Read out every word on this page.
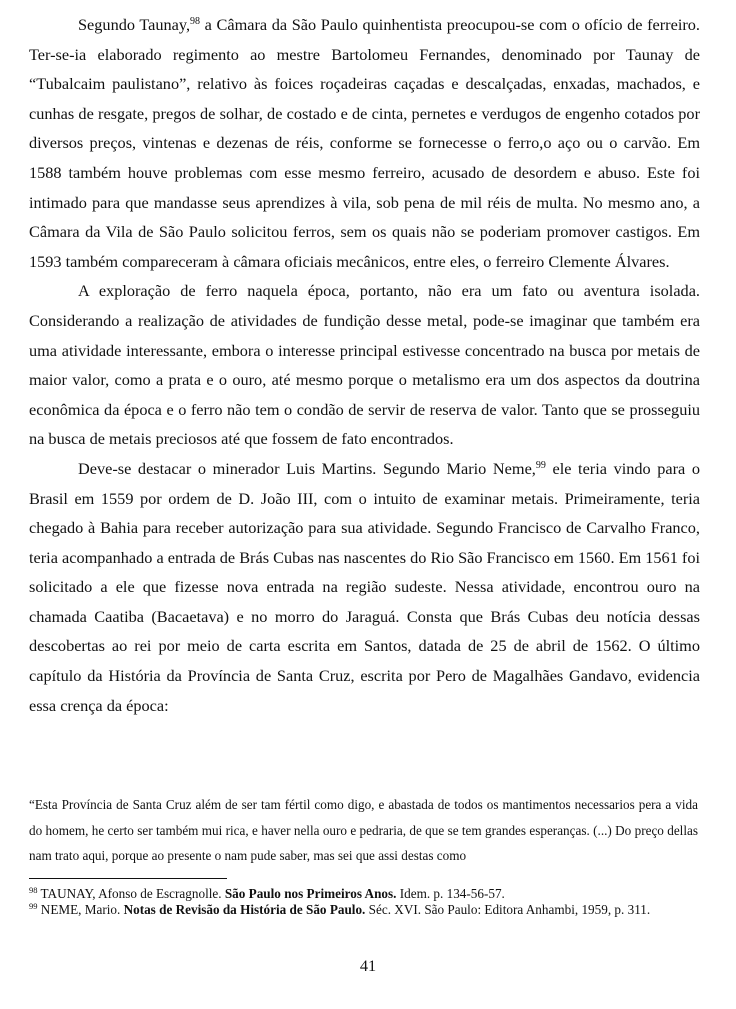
Segundo Taunay,$^{98}$ a Câmara da São Paulo quinhentista preocupou-se com o ofício de ferreiro. Ter-se-ia elaborado regimento ao mestre Bartolomeu Fernandes, denominado por Taunay de “Tubalcaim paulistano”, relativo às foices roçadeiras caçadas e descalçadas, enxadas, machados, e cunhas de resgate, pregos de solhar, de costado e de cinta, pernetes e verdugos de engenho cotados por diversos preços, vintenas e dezenas de réis, conforme se fornecesse o ferro,o aço ou o carvão. Em 1588 também houve problemas com esse mesmo ferreiro, acusado de desordem e abuso. Este foi intimado para que mandasse seus aprendizes à vila, sob pena de mil réis de multa. No mesmo ano, a Câmara da Vila de São Paulo solicitou ferros, sem os quais não se poderiam promover castigos. Em 1593 também compareceram à câmara oficiais mecânicos, entre eles, o ferreiro Clemente Álvares.

A exploração de ferro naquela época, portanto, não era um fato ou aventura isolada. Considerando a realização de atividades de fundição desse metal, pode-se imaginar que também era uma atividade interessante, embora o interesse principal estivesse concentrado na busca por metais de maior valor, como a prata e o ouro, até mesmo porque o metalismo era um dos aspectos da doutrina econômica da época e o ferro não tem o condão de servir de reserva de valor. Tanto que se prosseguiu na busca de metais preciosos até que fossem de fato encontrados.

Deve-se destacar o minerador Luis Martins. Segundo Mario Neme,$^{99}$ ele teria vindo para o Brasil em 1559 por ordem de D. João III, com o intuito de examinar metais. Primeiramente, teria chegado à Bahia para receber autorização para sua atividade. Segundo Francisco de Carvalho Franco, teria acompanhado a entrada de Brás Cubas nas nascentes do Rio São Francisco em 1560. Em 1561 foi solicitado a ele que fizesse nova entrada na região sudeste. Nessa atividade, encontrou ouro na chamada Caatiba (Bacaetava) e no morro do Jaraguá. Consta que Brás Cubas deu notícia dessas descobertas ao rei por meio de carta escrita em Santos, datada de 25 de abril de 1562. O último capítulo da História da Província de Santa Cruz, escrita por Pero de Magalhães Gandavo, evidencia essa crença da época:

“Esta Província de Santa Cruz além de ser tam fértil como digo, e abastada de todos os mantimentos necessarios pera a vida do homem, he certo ser também mui rica, e haver nella ouro e pedraria, de que se tem grandes esperanças. (...) Do preço dellas nam trato aqui, porque ao presente o nam pude saber, mas sei que assi destas como

$^{98}$ TAUNAY, Afonso de Escragnolle. São Paulo nos Primeiros Anos. Idem. p. 134-56-57.

$^{99}$ NEME, Mario. Notas de Revisão da História de São Paulo. Séc. XVI. São Paulo: Editora Anhambi, 1959, p. 311.

41
